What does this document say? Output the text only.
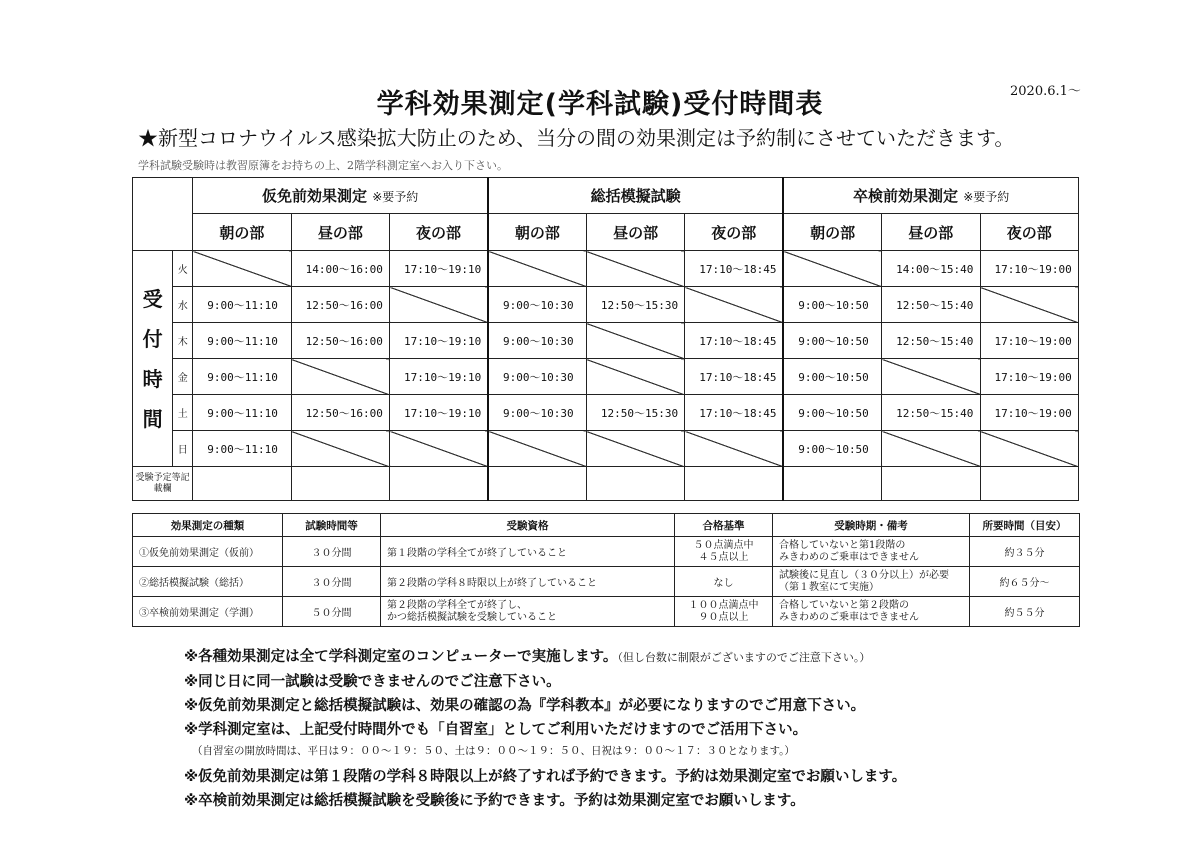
2020.6.1～
学科効果測定(学科試験)受付時間表
★新型コロナウイルス感染拡大防止のため、当分の間の効果測定は予約制にさせていただきます。
学科試験受験時は教習原簿をお持ちの上、2階学科測定室へお入り下さい。
		仮免前効果測定 ※要予約			総括模擬試験			卒検前効果測定 ※要予約		
		朝の部	昼の部	夜の部	朝の部	昼の部	夜の部	朝の部	昼の部	夜の部

受
付
時
間	火		14:00～16:00	17:10～19:10			17:10～18:45		14:00～15:40	17:10～19:00
	水	9:00～11:10	12:50～16:00		9:00～10:30	12:50～15:30		9:00～10:50	12:50～15:40	
	木	9:00～11:10	12:50～16:00	17:10～19:10	9:00～10:30		17:10～18:45	9:00～10:50	12:50～15:40	17:10～19:00
	金	9:00～11:10		17:10～19:10	9:00～10:30		17:10～18:45	9:00～10:50		17:10～19:00
	土	9:00～11:10	12:50～16:00	17:10～19:10	9:00～10:30	12:50～15:30	17:10～18:45	9:00～10:50	12:50～15:40	17:10～19:00
	日	9:00～11:10						9:00～10:50		
受験予定等記載欄									
効果測定の種類	試験時間等	受験資格	合格基準	受験時期・備考	所要時間（目安）
①仮免前効果測定（仮前）	３０分間	第１段階の学科全てが終了していること	５０点満点中
４５点以上	合格していないと第1段階の
みきわめのご乗車はできません	約３５分
②総括模擬試験（総括）	３０分間	第２段階の学科８時限以上が終了していること	なし	試験後に見直し（３０分以上）が必要
（第１教室にて実施）	約６５分～
③卒検前効果測定（学測）	５０分間	第２段階の学科全てが終了し、
かつ総括模擬試験を受験していること	１００点満点中
９０点以上	合格していないと第２段階の
みきわめのご乗車はできません	約５５分
※各種効果測定は全て学科測定室のコンピューターで実施します。（但し台数に制限がございますのでご注意下さい。）
※同じ日に同一試験は受験できませんのでご注意下さい。
※仮免前効果測定と総括模擬試験は、効果の確認の為『学科教本』が必要になりますのでご用意下さい。
※学科測定室は、上記受付時間外でも「自習室」としてご利用いただけますのでご活用下さい。
（自習室の開放時間は、平日は９：００～１９：５０、土は９：００～１９：５０、日祝は９：００～１７：３０となります。）
※仮免前効果測定は第１段階の学科８時限以上が終了すれば予約できます。予約は効果測定室でお願いします。
※卒検前効果測定は総括模擬試験を受験後に予約できます。予約は効果測定室でお願いします。
